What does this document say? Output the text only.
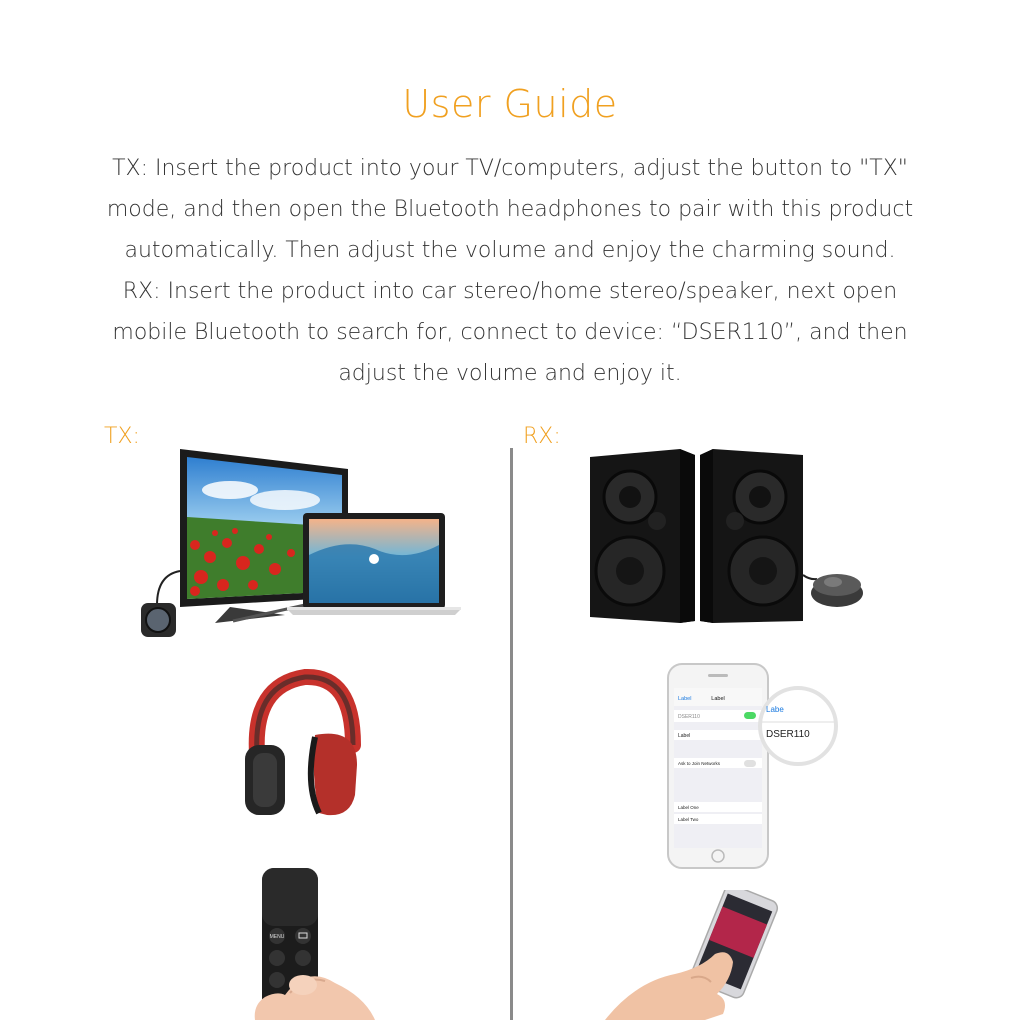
User Guide

TX: Insert the product into your TV/computers, adjust the button to "TX" mode, and then open the Bluetooth headphones to pair with this product automatically. Then adjust the volume and enjoy the charming sound.

RX: Insert the product into car stereo/home stereo/speaker, next open mobile Bluetooth to search for, connect to device: “DSER110”, and then adjust the volume and enjoy it.

TX:	RX:
MENU
Label	Label
DSER110
Label
Ask to Join Networks
Label One
Label Two
Labe
DSER110
